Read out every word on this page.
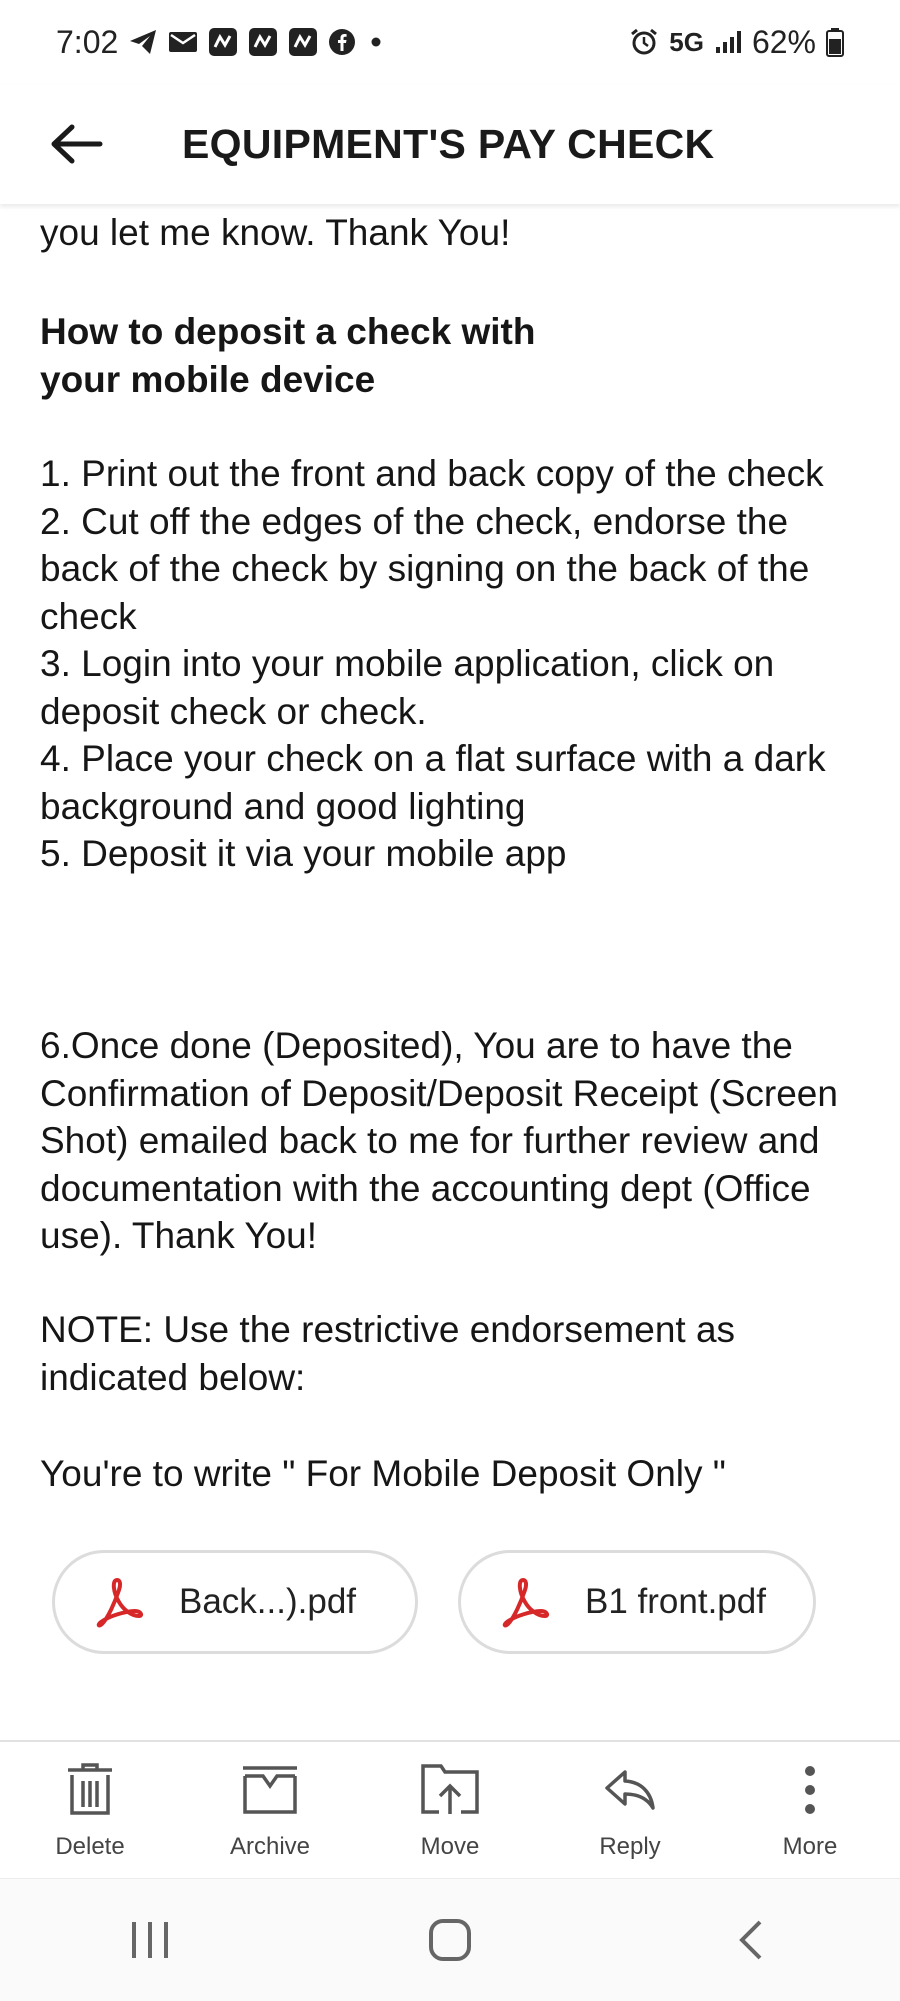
7:02	5G 62%
EQUIPMENT'S PAY CHECK
you let me know. Thank You!
How to deposit a check with
your mobile device

1. Print out the front and back copy of the check

2. Cut off the edges of the check, endorse the back of the check by signing on the back of the check

3. Login into your mobile application, click on deposit check or check.

4. Place your check on a flat surface with a dark background and good lighting

5. Deposit it via your mobile app

6.Once done (Deposited), You are to have the Confirmation of Deposit/Deposit Receipt (Screen Shot) emailed back to me for further review and documentation with the accounting dept (Office use). Thank You!

NOTE: Use the restrictive endorsement as indicated below:

You're to write " For Mobile Deposit Only "

Back...).pdf	B1 front.pdf
Delete	Archive	Move	Reply	More
